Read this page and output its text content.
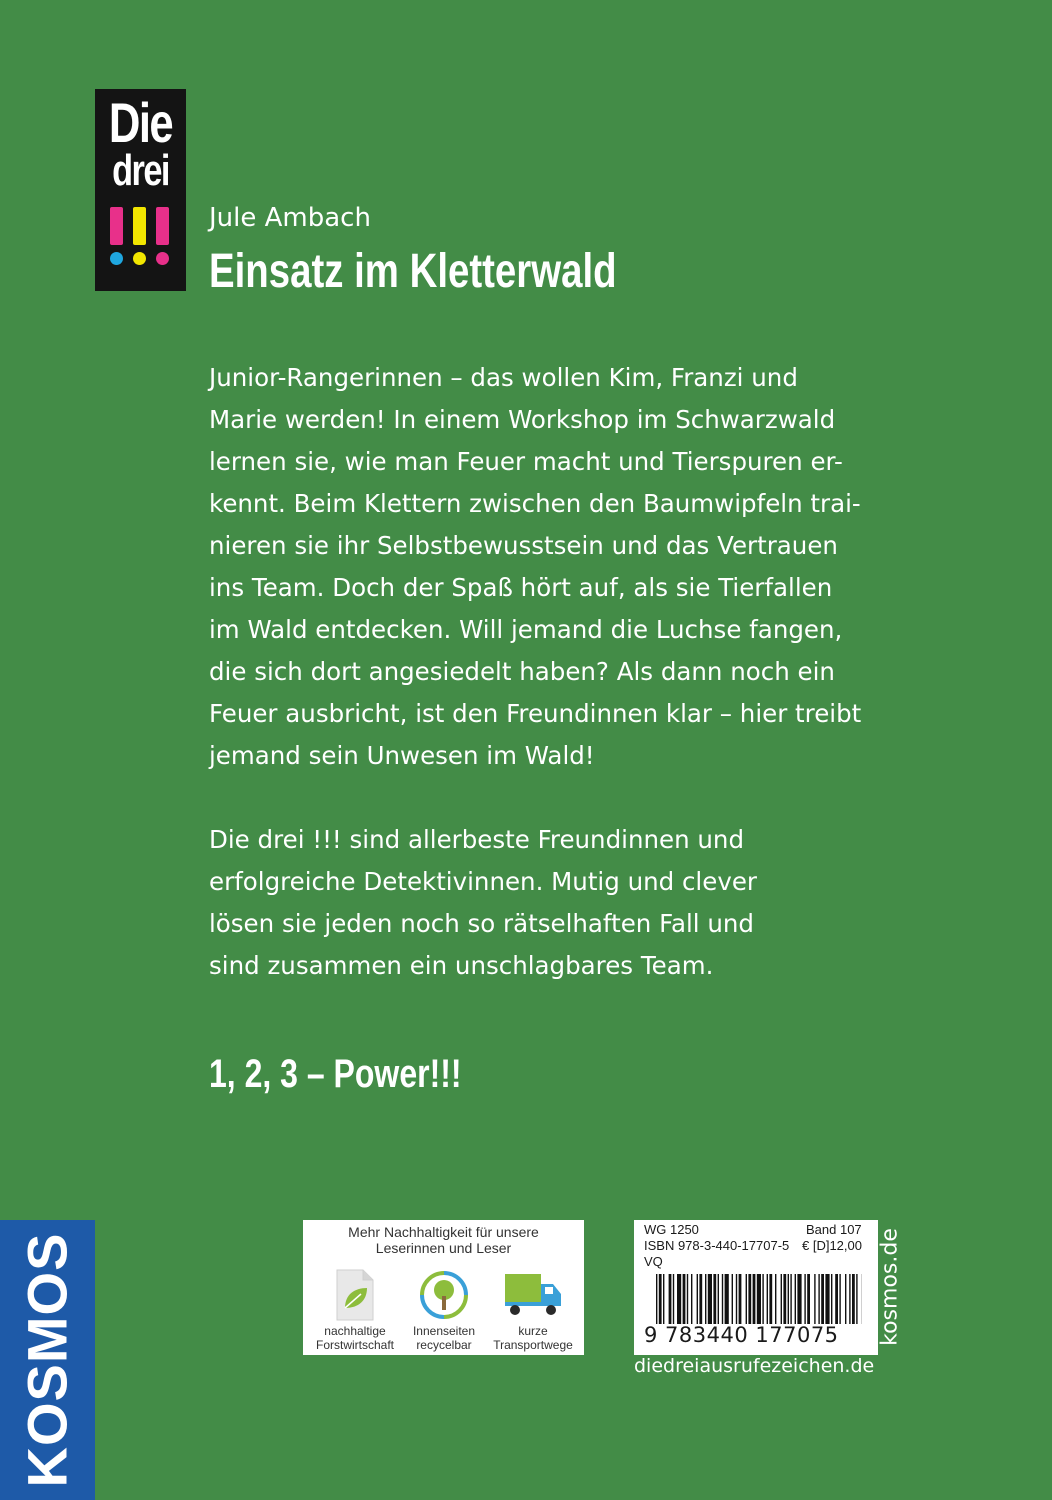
Die
drei
Jule Ambach
Einsatz im Kletterwald
Junior-Rangerinnen – das wollen Kim, Franzi und
Marie werden! In einem Workshop im Schwarzwald
lernen sie, wie man Feuer macht und Tierspuren er-
kennt. Beim Klettern zwischen den Baumwipfeln trai-
nieren sie ihr Selbstbewusstsein und das Vertrauen
ins Team. Doch der Spaß hört auf, als sie Tierfallen
im Wald entdecken. Will jemand die Luchse fangen,
die sich dort angesiedelt haben? Als dann noch ein
Feuer ausbricht, ist den Freundinnen klar – hier treibt
jemand sein Unwesen im Wald!
Die drei !!! sind allerbeste Freundinnen und
erfolgreiche Detektivinnen. Mutig und clever
lösen sie jeden noch so rätselhaften Fall und
sind zusammen ein unschlagbares Team.
1, 2, 3 – Power!!!
KOSMOS
Mehr Nachhaltigkeit für unsere
Leserinnen und Leser
nachhaltige
Forstwirtschaft
Innenseiten
recycelbar
kurze
Transportwege
WG 1250	Band 107
ISBN 978-3-440-17707-5 € [D]12,00
VQ
9 783440 177075	kosmos.de
diedreiausrufezeichen.de
